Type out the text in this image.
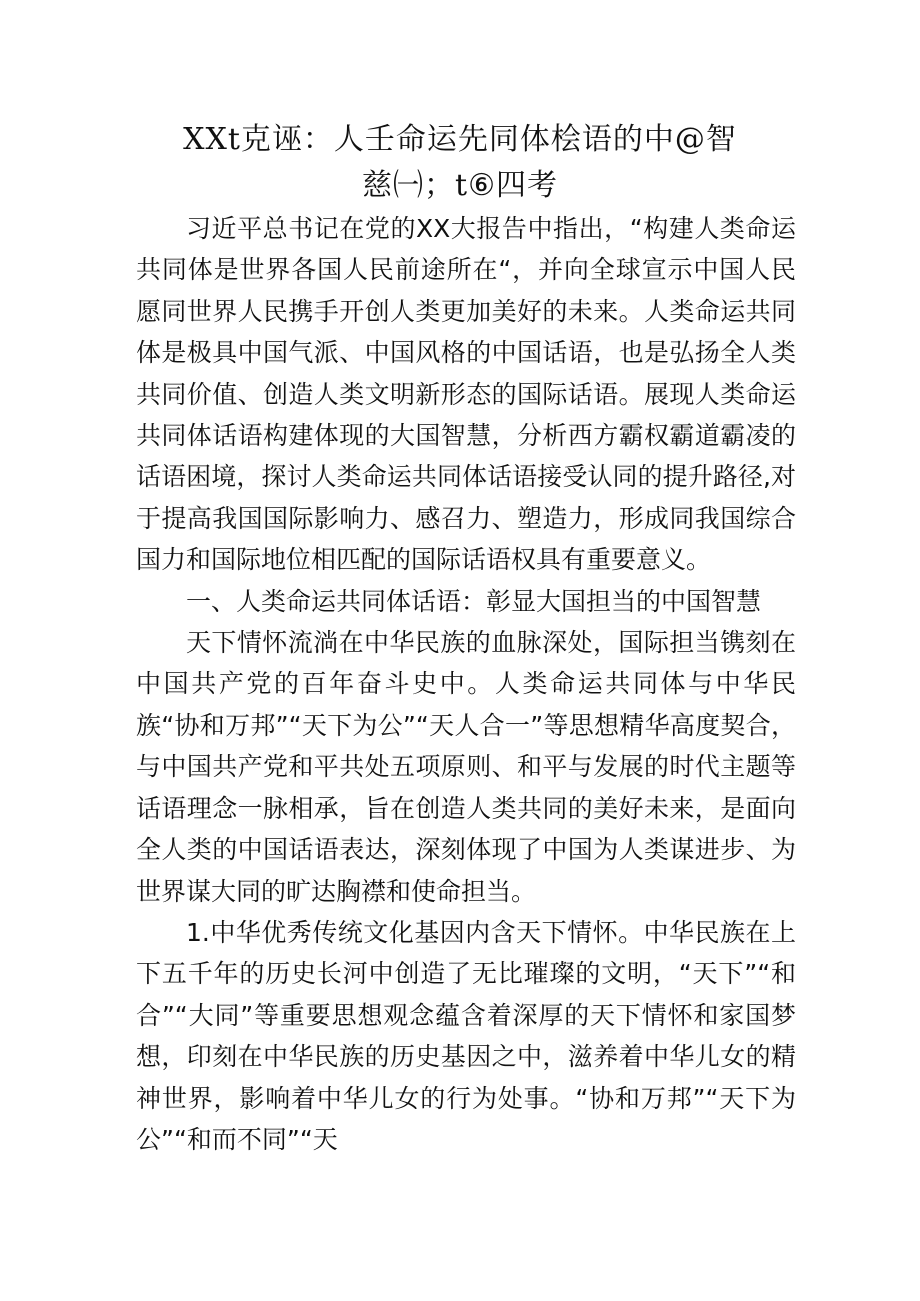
XXt克诬：人壬命运先同体桧语的中@智
慈㈠；t⑥四考

习近平总书记在党的XX大报告中指出，“构建人类命运共同体是世界各国人民前途所在“，并向全球宣示中国人民愿同世界人民携手开创人类更加美好的未来。人类命运共同体是极具中国气派、中国风格的中国话语，也是弘扬全人类共同价值、创造人类文明新形态的国际话语。展现人类命运共同体话语构建体现的大国智慧，分析西方霸权霸道霸凌的话语困境，探讨人类命运共同体话语接受认同的提升路径,对于提高我国国际影响力、感召力、塑造力，形成同我国综合国力和国际地位相匹配的国际话语权具有重要意义。

一、人类命运共同体话语：彰显大国担当的中国智慧

天下情怀流淌在中华民族的血脉深处，国际担当镌刻在中国共产党的百年奋斗史中。人类命运共同体与中华民族“协和万邦”“天下为公”“天人合一”等思想精华高度契合，与中国共产党和平共处五项原则、和平与发展的时代主题等话语理念一脉相承，旨在创造人类共同的美好未来，是面向全人类的中国话语表达，深刻体现了中国为人类谋进步、为世界谋大同的旷达胸襟和使命担当。

1.中华优秀传统文化基因内含天下情怀。中华民族在上下五千年的历史长河中创造了无比璀璨的文明，“天下”“和合”“大同”等重要思想观念蕴含着深厚的天下情怀和家国梦想，印刻在中华民族的历史基因之中，滋养着中华儿女的精神世界，影响着中华儿女的行为处事。“协和万邦”“天下为公”“和而不同”“天
